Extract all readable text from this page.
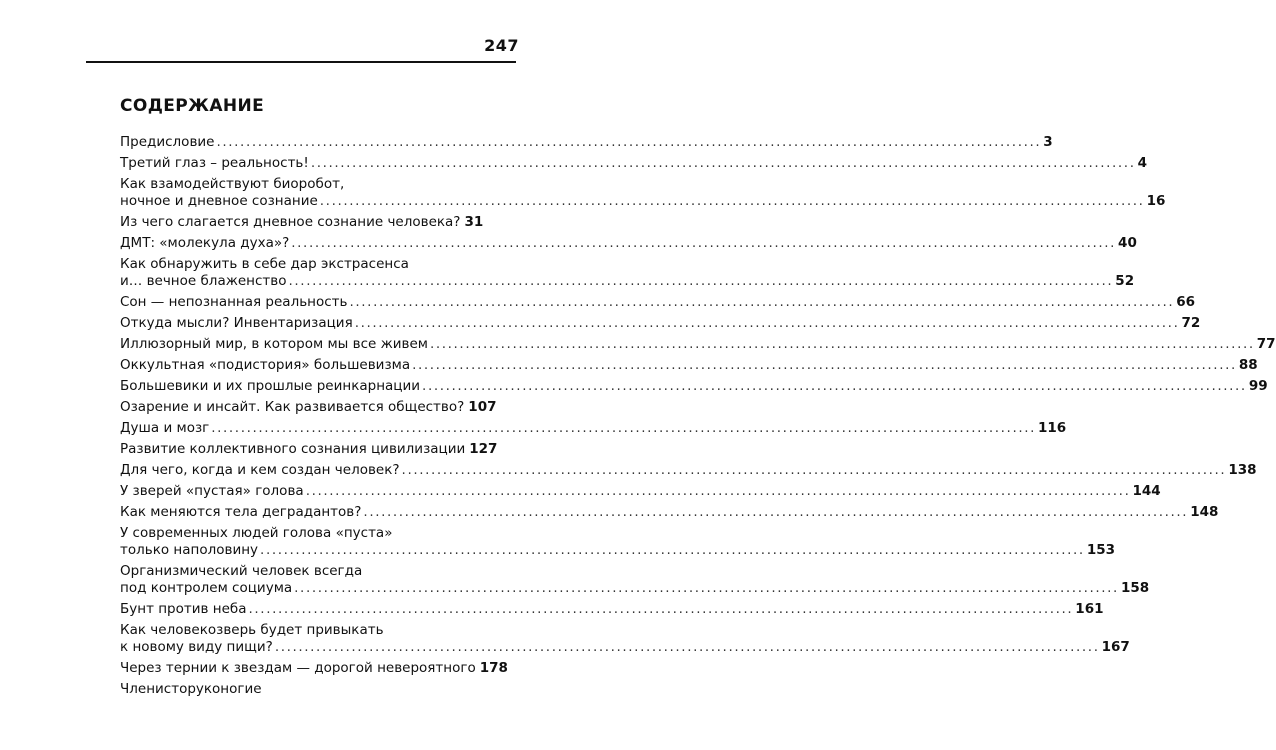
247
СОДЕРЖАНИЕ
Предисловие .....	3
Третий глаз – реальность! .....	4
Как взамодействуют биоробот,
ночное и дневное сознание .....	16
Из чего слагается дневное сознание человека? 31
ДМТ: «молекула духа»? .....	40
Как обнаружить в себе дар экстрасенса
и… вечное блаженство .....	52
Сон — непознанная реальность .....	66
Откуда мысли? Инвентаризация .....	72
Иллюзорный мир, в котором мы все живем .....	77
Оккультная «подистория» большевизма .....	88
Большевики и их прошлые реинкарнации .....	99
Озарение и инсайт. Как развивается общество? 107
Душа и мозг .....	116
Развитие коллективного сознания цивилизации 127
Для чего, когда и кем создан человек? .....	138
У зверей «пустая» голова .....	144
Как меняются тела деградантов? .....	148
У современных людей голова «пуста»
только наполовину .....	153
Организмический человек всегда
под контролем социума .....	158
Бунт против неба .....	161
Как человекозверь будет привыкать
к новому виду пищи? .....	167
Через тернии к звездам — дорогой невероятного 178
Членисторуконогие
